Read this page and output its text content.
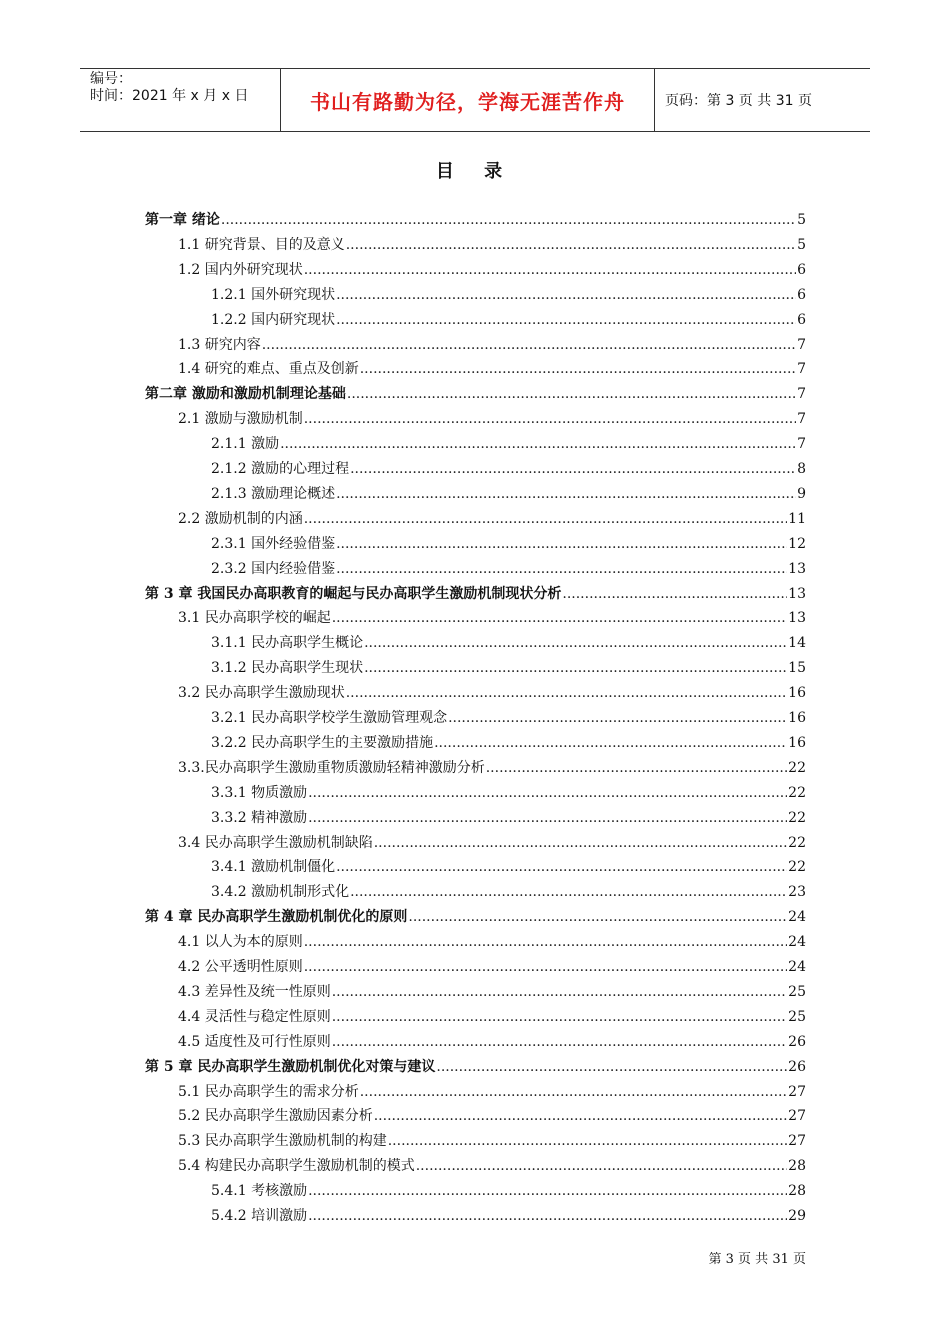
编号：
时间：2021 年 x 月 x 日	书山有路勤为径，学海无涯苦作舟	页码：第 3 页 共 31 页
目 录
第一章 绪论 .....	5
1.1 研究背景、目的及意义 .....	5
1.2 国内外研究现状 .....	6
1.2.1 国外研究现状 .....	6
1.2.2 国内研究现状 .....	6
1.3 研究内容 .....	7
1.4 研究的难点、重点及创新 .....	7
第二章 激励和激励机制理论基础 .....	7
2.1 激励与激励机制 .....	7
2.1.1 激励 .....	7
2.1.2 激励的心理过程 .....	8
2.1.3 激励理论概述 .....	9
2.2 激励机制的内涵 .....	11
2.3.1 国外经验借鉴 .....	12
2.3.2 国内经验借鉴 .....	13
第 3 章 我国民办高职教育的崛起与民办高职学生激励机制现状分析 .....	13
3.1 民办高职学校的崛起 .....	13
3.1.1 民办高职学生概论 .....	14
3.1.2 民办高职学生现状 .....	15
3.2 民办高职学生激励现状 .....	16
3.2.1 民办高职学校学生激励管理观念 .....	16
3.2.2 民办高职学生的主要激励措施 .....	16
3.3.民办高职学生激励重物质激励轻精神激励分析 .....	22
3.3.1 物质激励 .....	22
3.3.2 精神激励 .....	22
3.4 民办高职学生激励机制缺陷 .....	22
3.4.1 激励机制僵化 .....	22
3.4.2 激励机制形式化 .....	23
第 4 章 民办高职学生激励机制优化的原则 .....	24
4.1 以人为本的原则 .....	24
4.2 公平透明性原则 .....	24
4.3 差异性及统一性原则 .....	25
4.4 灵活性与稳定性原则 .....	25
4.5 适度性及可行性原则 .....	26
第 5 章 民办高职学生激励机制优化对策与建议 .....	26
5.1 民办高职学生的需求分析 .....	27
5.2 民办高职学生激励因素分析 .....	27
5.3 民办高职学生激励机制的构建 .....	27
5.4 构建民办高职学生激励机制的模式 .....	28
5.4.1 考核激励 .....	28
5.4.2 培训激励 .....	29
第 3 页 共 31 页
